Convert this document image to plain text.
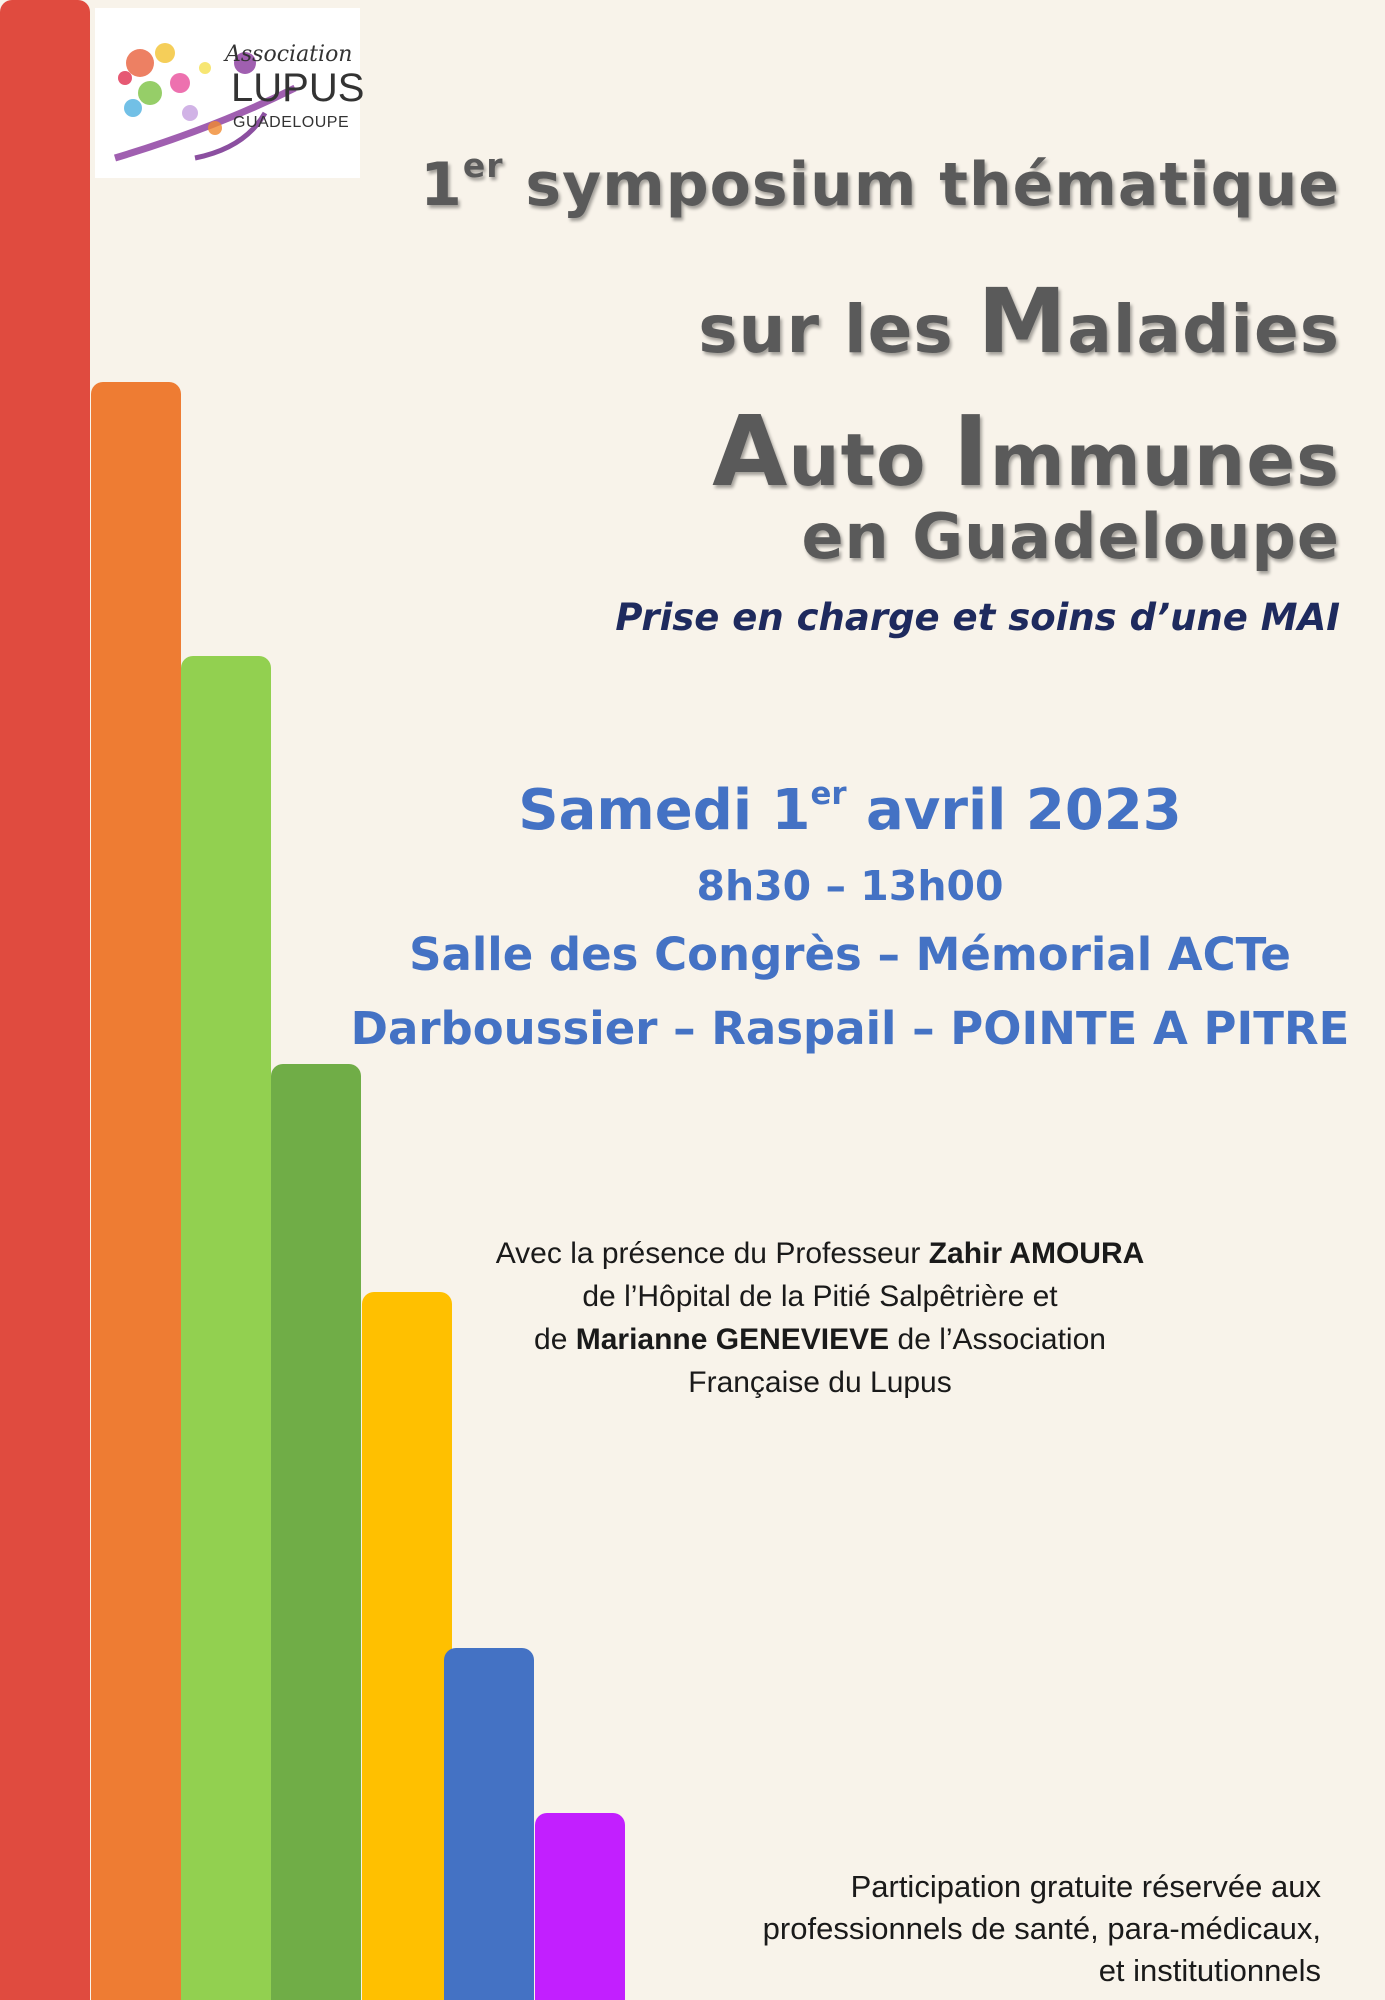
Association
LUPUS
GUADELOUPE
1er symposium thématique
sur les Maladies
Auto Immunes
en Guadeloupe
Prise en charge et soins d’une MAI
Samedi 1er avril 2023
8h30 – 13h00
Salle des Congrès – Mémorial ACTe
Darboussier – Raspail – POINTE A PITRE
Avec la présence du Professeur Zahir AMOURA
de l’Hôpital de la Pitié Salpêtrière et
de Marianne GENEVIEVE de l’Association
Française du Lupus
Participation gratuite réservée aux
professionnels de santé, para-médicaux,
et institutionnels
